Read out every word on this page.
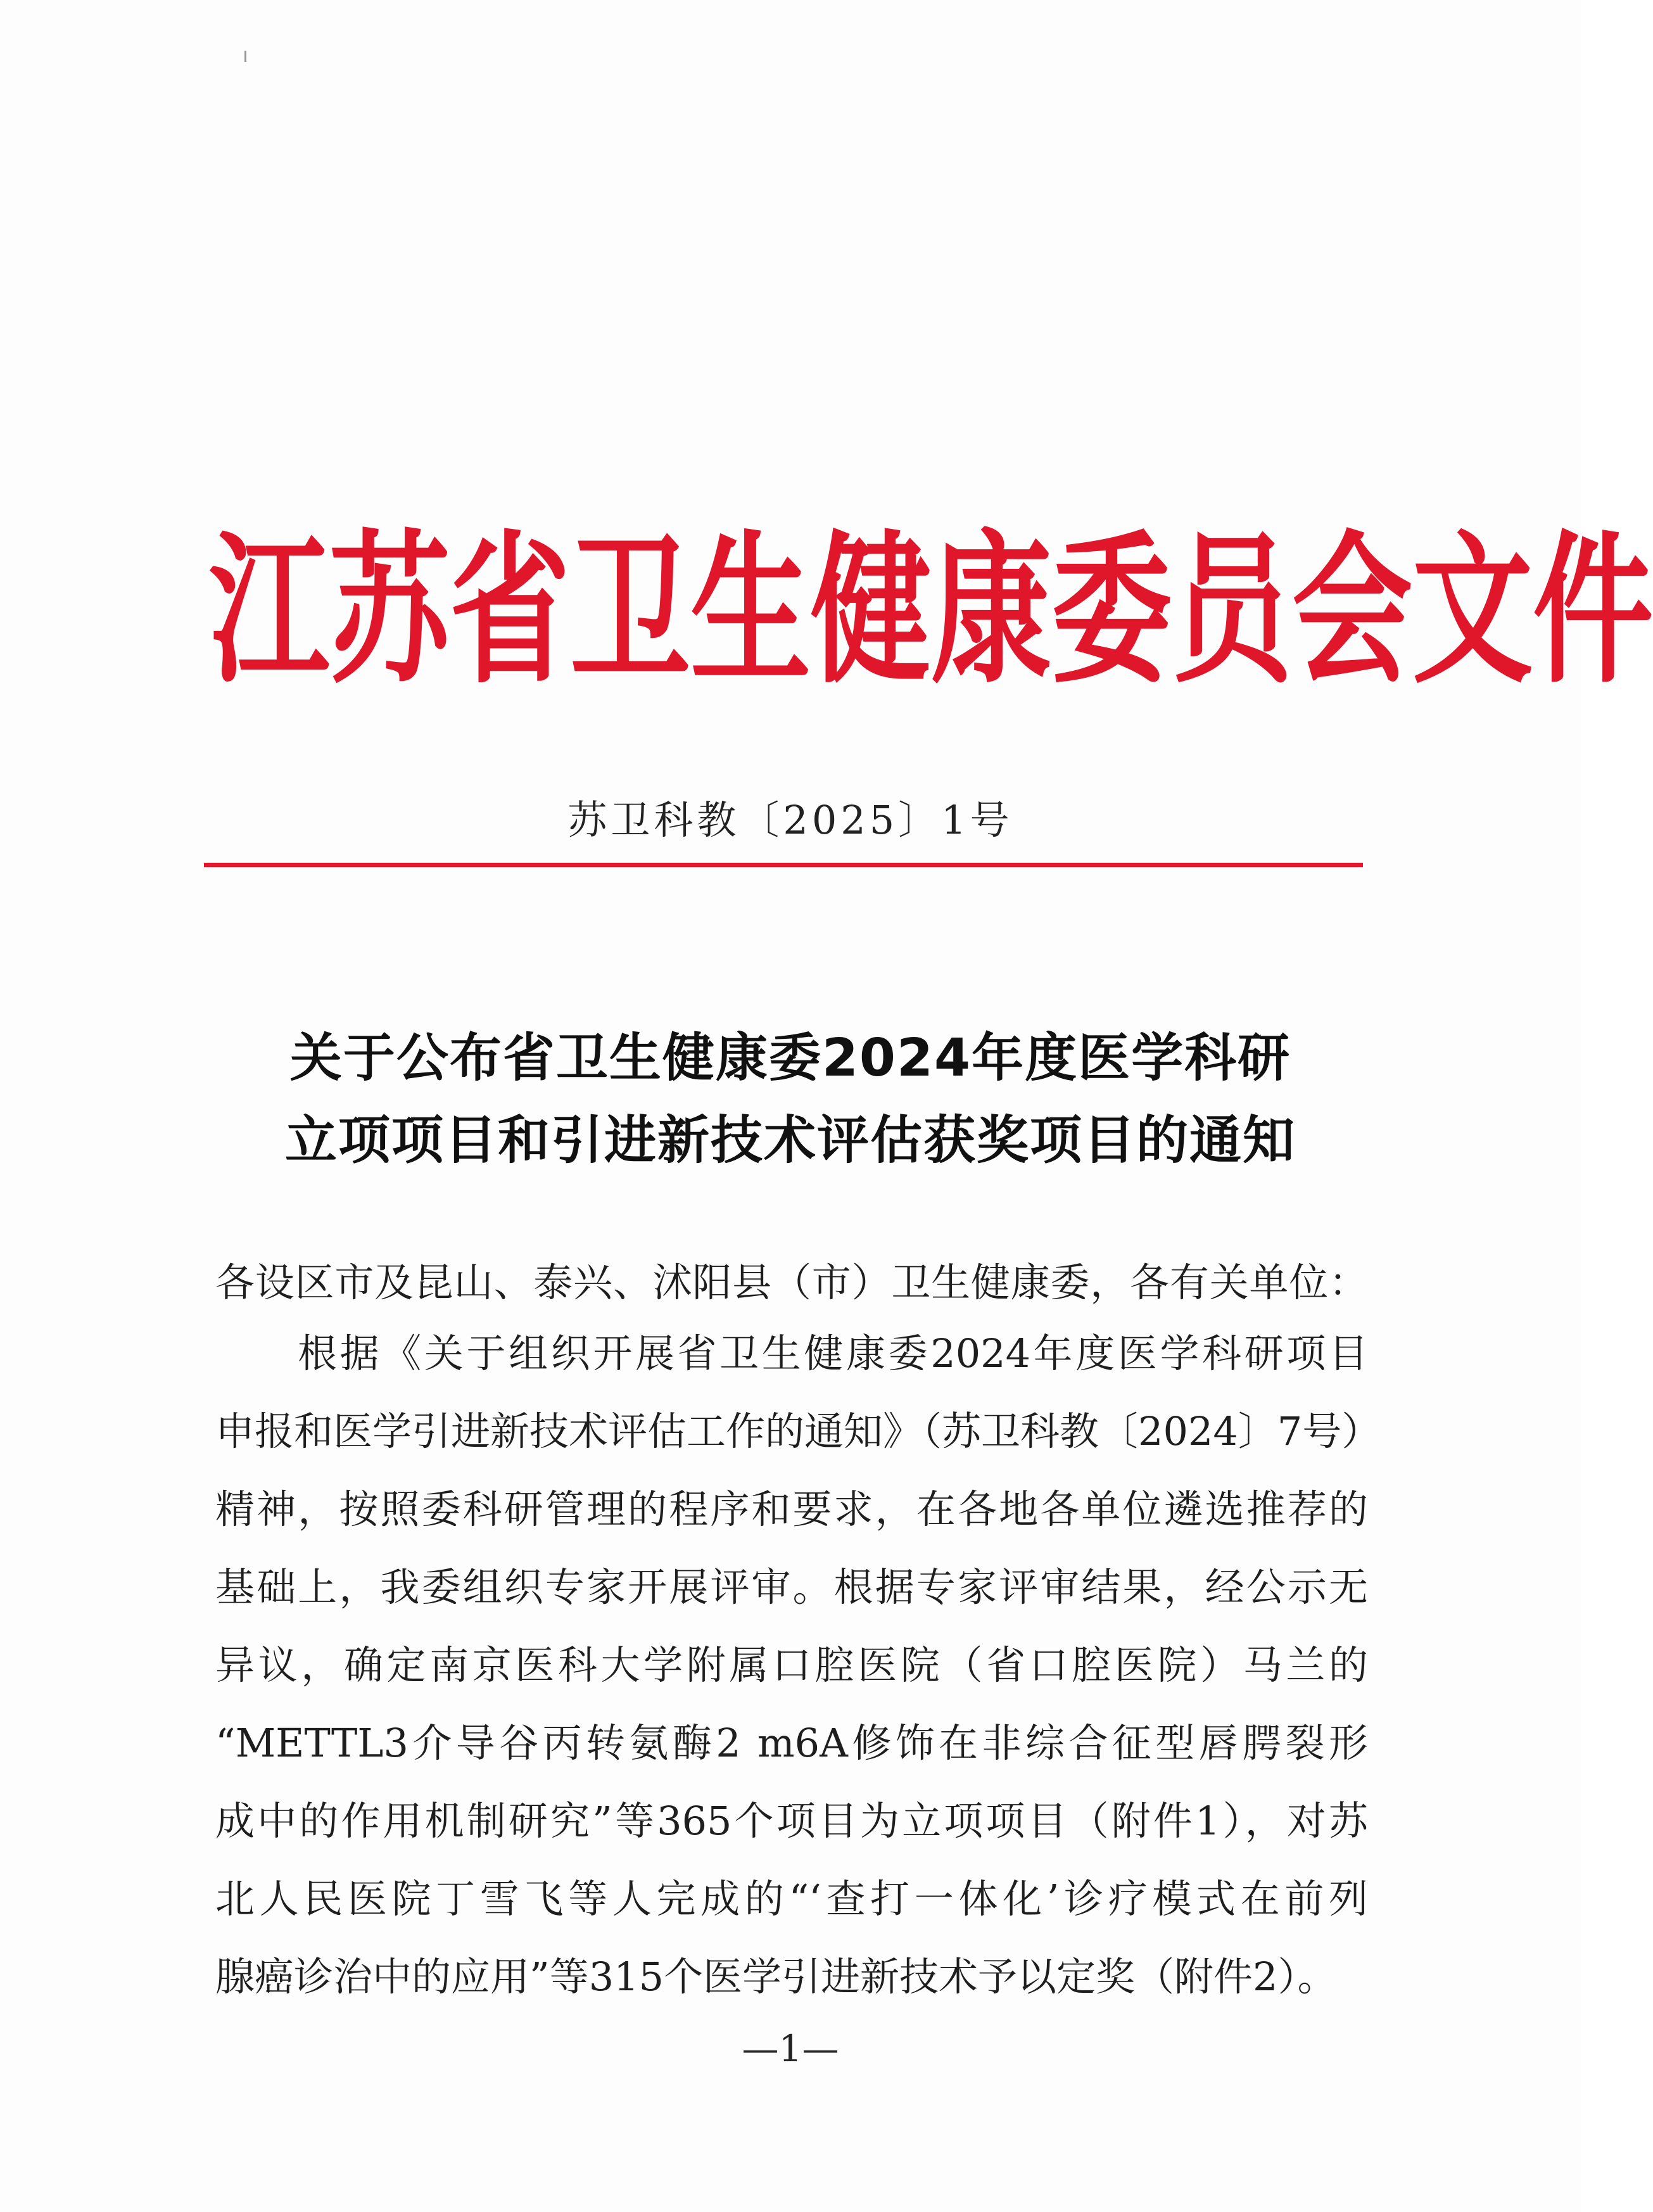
江 苏 省 卫 生 健 康 委 员 会 文 件
苏卫科教〔2025〕1号
关于公布省卫生健康委2024年度医学科研
立项项目和引进新技术评估获奖项目的通知
各设区市及昆山、泰兴、沭阳县（市）卫生健康委，各有关单位：
根据《关于组织开展省卫生健康委2024年度医学科研项目
申报和医学引进新技术评估工作的通知》（苏卫科教〔2024〕7号）
精神，按照委科研管理的程序和要求，在各地各单位遴选推荐的
基础上，我委组织专家开展评审。根据专家评审结果，经公示无
异议，确定南京医科大学附属口腔医院（省口腔医院）马兰的
“METTL3介导谷丙转氨酶2 m6A修饰在非综合征型唇腭裂形
成中的作用机制研究”等365个项目为立项项目（附件1），对苏
北人民医院丁雪飞等人完成的“‘查打一体化’诊疗模式在前列
腺癌诊治中的应用”等315个医学引进新技术予以定奖（附件2）。
—1—
